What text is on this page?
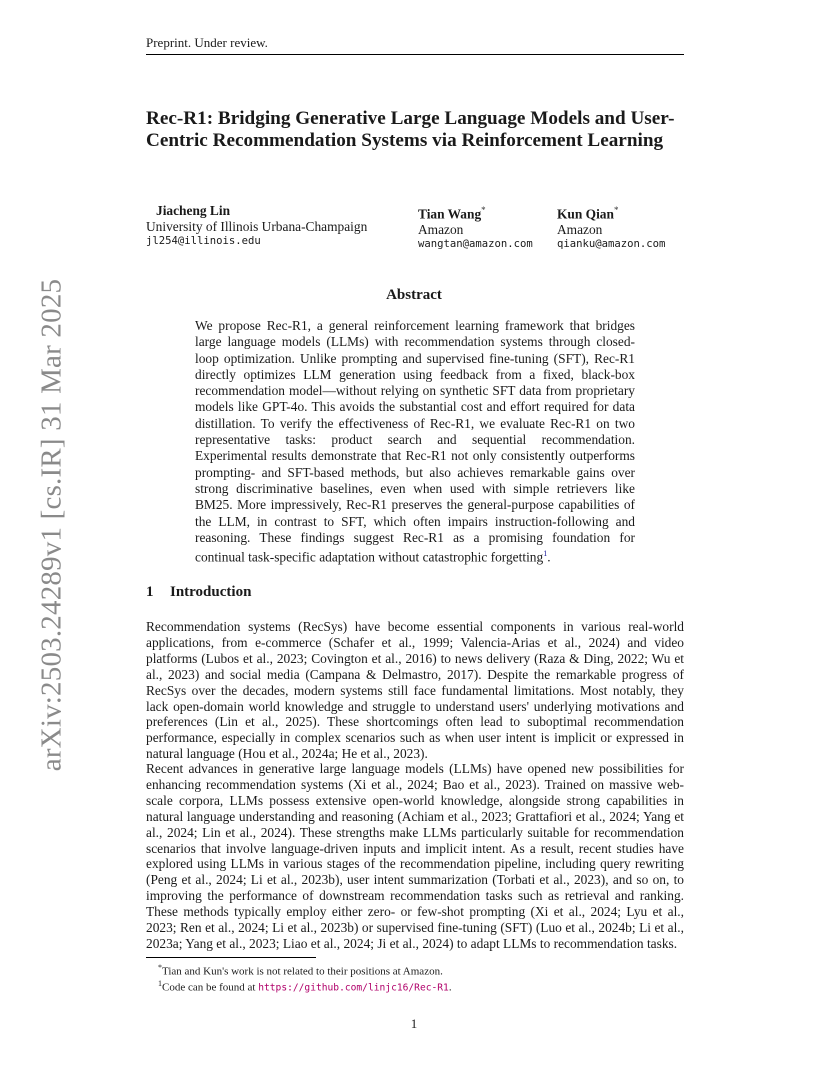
Preprint. Under review.
arXiv:2503.24289v1 [cs.IR] 31 Mar 2025
Rec-R1: Bridging Generative Large Language Models and User-Centric Recommendation Systems via Reinforcement Learning
Jiacheng Lin
University of Illinois Urbana-Champaign
jl254@illinois.edu
Tian Wang*
Amazon
wangtan@amazon.com
Kun Qian*
Amazon
qianku@amazon.com
Abstract

We propose Rec-R1, a general reinforcement learning framework that bridges large language models (LLMs) with recommendation systems through closed-loop optimization. Unlike prompting and supervised fine-tuning (SFT), Rec-R1 directly optimizes LLM generation using feedback from a fixed, black-box recommendation model—without relying on synthetic SFT data from proprietary models like GPT-4o. This avoids the substantial cost and effort required for data distillation. To verify the effectiveness of Rec-R1, we evaluate Rec-R1 on two representative tasks: product search and sequential recommendation. Experimental results demonstrate that Rec-R1 not only consistently outperforms prompting- and SFT-based methods, but also achieves remarkable gains over strong discriminative baselines, even when used with simple retrievers like BM25. More impressively, Rec-R1 preserves the general-purpose capabilities of the LLM, in contrast to SFT, which often impairs instruction-following and reasoning. These findings suggest Rec-R1 as a promising foundation for continual task-specific adaptation without catastrophic forgetting$^1$.

1 Introduction

Recommendation systems (RecSys) have become essential components in various real-world applications, from e-commerce (Schafer et al., 1999; Valencia-Arias et al., 2024) and video platforms (Lubos et al., 2023; Covington et al., 2016) to news delivery (Raza & Ding, 2022; Wu et al., 2023) and social media (Campana & Delmastro, 2017). Despite the remarkable progress of RecSys over the decades, modern systems still face fundamental limitations. Most notably, they lack open-domain world knowledge and struggle to understand users' underlying motivations and preferences (Lin et al., 2025). These shortcomings often lead to suboptimal recommendation performance, especially in complex scenarios such as when user intent is implicit or expressed in natural language (Hou et al., 2024a; He et al., 2023).

Recent advances in generative large language models (LLMs) have opened new possibilities for enhancing recommendation systems (Xi et al., 2024; Bao et al., 2023). Trained on massive web-scale corpora, LLMs possess extensive open-world knowledge, alongside strong capabilities in natural language understanding and reasoning (Achiam et al., 2023; Grattafiori et al., 2024; Yang et al., 2024; Lin et al., 2024). These strengths make LLMs particularly suitable for recommendation scenarios that involve language-driven inputs and implicit intent. As a result, recent studies have explored using LLMs in various stages of the recommendation pipeline, including query rewriting (Peng et al., 2024; Li et al., 2023b), user intent summarization (Torbati et al., 2023), and so on, to improving the performance of downstream recommendation tasks such as retrieval and ranking. These methods typically employ either zero- or few-shot prompting (Xi et al., 2024; Lyu et al., 2023; Ren et al., 2024; Li et al., 2023b) or supervised fine-tuning (SFT) (Luo et al., 2024b; Li et al., 2023a; Yang et al., 2023; Liao et al., 2024; Ji et al., 2024) to adapt LLMs to recommendation tasks.

*Tian and Kun's work is not related to their positions at Amazon.
$^1$Code can be found at https://github.com/linjc16/Rec-R1.
1
